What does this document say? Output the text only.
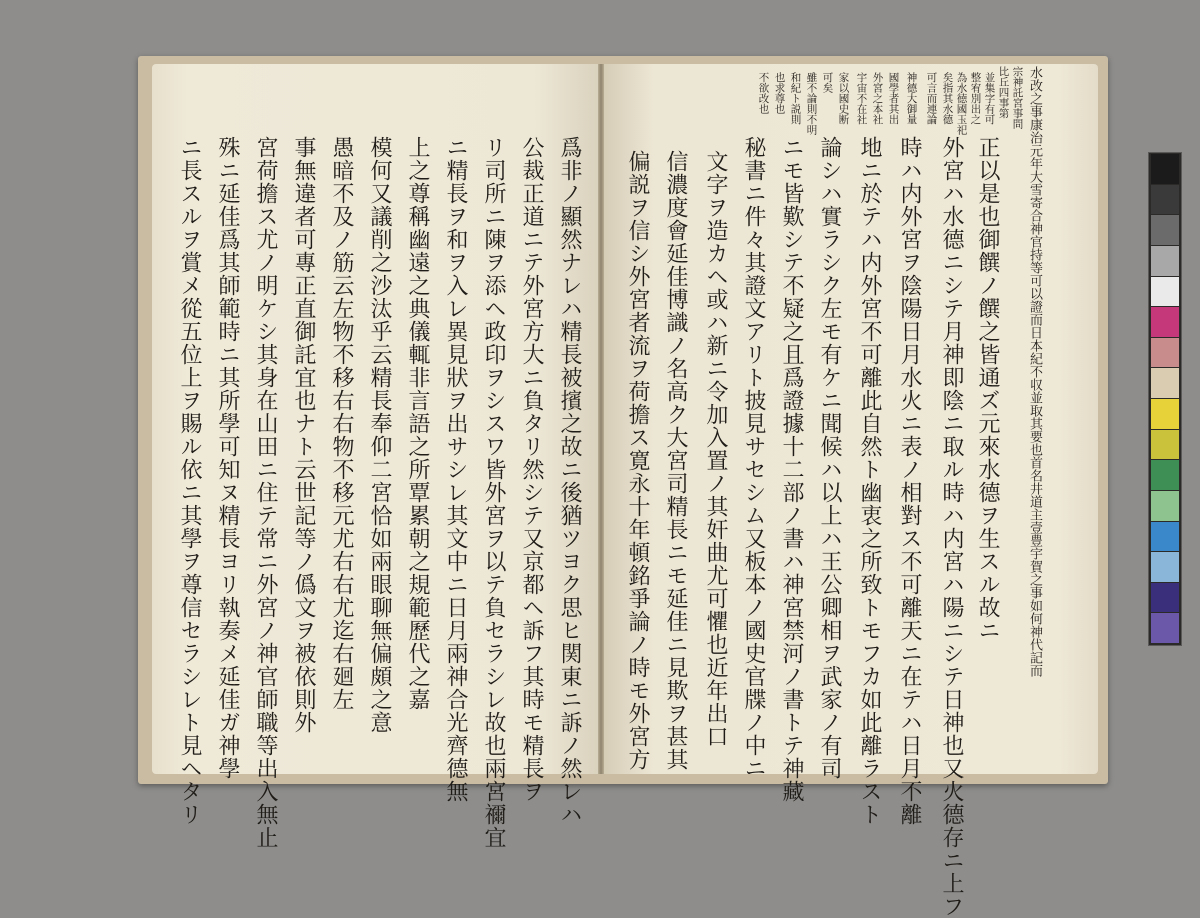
水改之事康治元年大雪寄合神官持等可以證而日本紀不収並取其要也首名井道主壹豊宇賀之事如何神代記而
宗神託宮事問
比丘四事第
正以是也御饌ノ饌之皆通ズ元來水德ヲ生スル故ニ
外宮ハ水德ニシテ月神即陰ニ取ル時ハ内宮ハ陽ニシテ日神也又火德存ニ上フ
時ハ内外宮ヲ陰陽日月水火ニ表ノ相對ス不可離天ニ在テハ日月不離
地ニ於テハ内外宮不可離此自然ト幽衷之所致トモフカ如此離ラスト
論シハ實ラシク左モ有ケニ聞候ハ以上ハ王公卿相ヲ武家ノ有司
ニモ皆歎シテ不疑之且爲證據十二部ノ書ハ神宮禁河ノ書トテ神藏
秘書ニ件々其證文アリト披見サセシム又板本ノ國史官牒ノ中ニ
文字ヲ造カヘ或ハ新ニ令加入置ノ其奸曲尤可懼也近年出口
信濃度會延佳博識ノ名高ク大宮司精長ニモ延佳ニ見欺ヲ甚其
偏説ヲ信シ外宮者流ヲ荷擔ス寛永十年頓銘爭論ノ時モ外宮方
並集字有可
整宥別出之
為水徳國玉祀
矣指其水德
可言而連論
神德大御量
國學者其出
外宮之本社
宇宙不在社
家以國史断
可矣
雖不論則不明
和紀ト説則
也求尊也
不欲改也
爲非ノ顯然ナレハ精長被擯之故ニ後猶ツヨク思ヒ関東ニ訴ノ然レハ
公裁正道ニテ外宮方大ニ負タリ然シテ又京都ヘ訴フ其時モ精長ヲ
リ司所ニ陳ヲ添ヘ政印ヲシスワ皆外宮ヲ以テ負セラシレ故也兩宮禰宜
ニ精長ヲ和ヲ入レ異見狀ヲ出サシレ其文中ニ日月兩神合光齊德無
上之尊稱幽遠之典儀輒非言語之所覃累朝之規範歷代之嘉
模何又議削之沙汰乎云精長奉仰二宮恰如兩眼聊無偏頗之意
愚暗不及ノ筋云左物不移右右物不移元尤右右尤迄右廻左
事無違者可專正直御託宜也ナト云世記等ノ僞文ヲ被依則外
宮荷擔ス尤ノ明ケシ其身在山田ニ住テ常ニ外宮ノ神官師職等出入無止
殊ニ延佳爲其師範時ニ其所學可知ヌ精長ヨリ執奏メ延佳ガ神學
ニ長スルヲ賞メ從五位上ヲ賜ル依ニ其學ヲ尊信セラシレト見ヘタリ
